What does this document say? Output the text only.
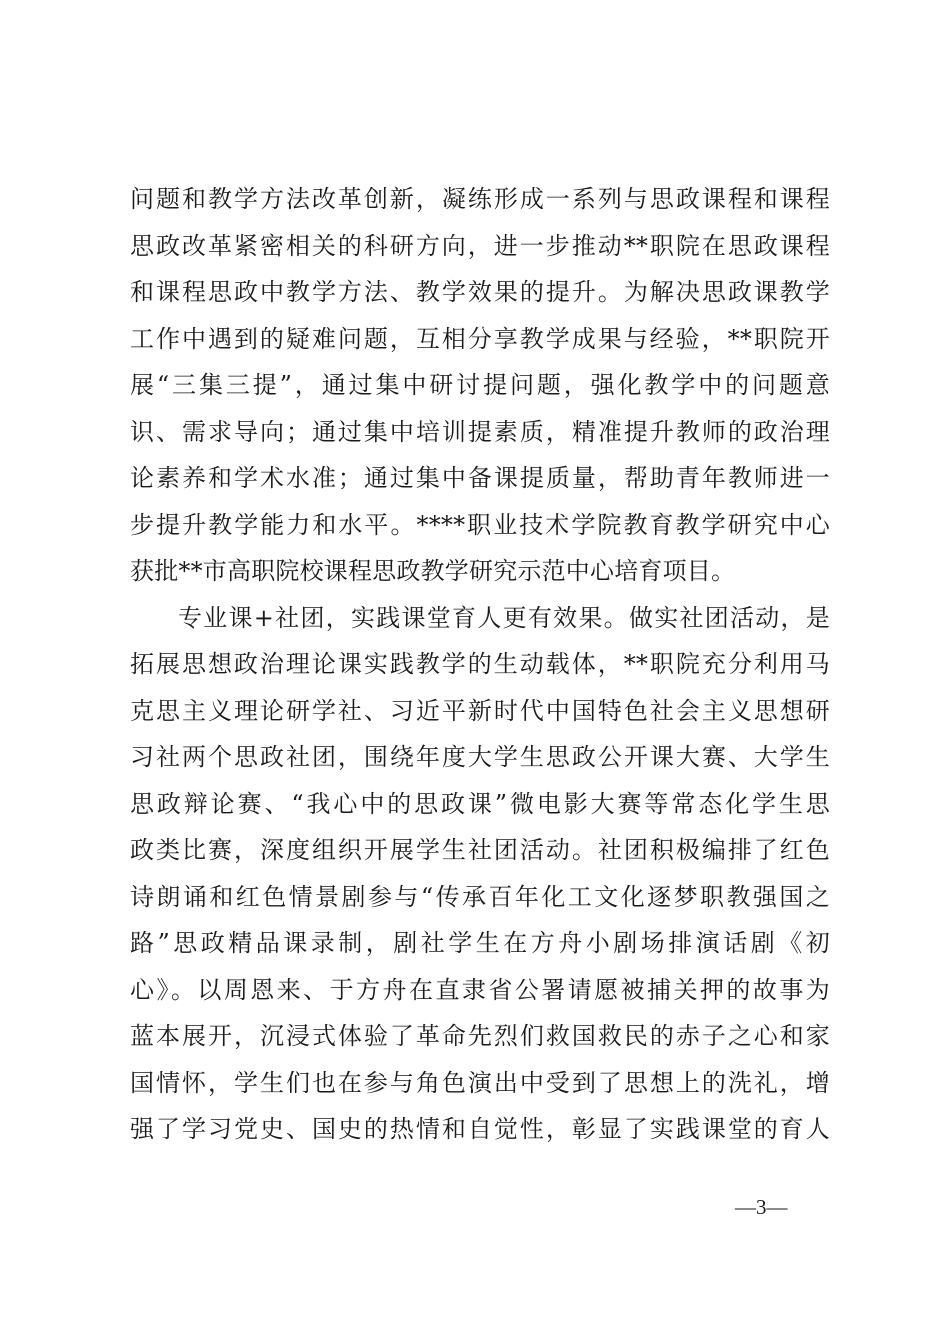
问题和教学方法改革创新，凝练形成一系列与思政课程和课程
思政改革紧密相关的科研方向，进一步推动**职院在思政课程
和课程思政中教学方法、教学效果的提升。为解决思政课教学
工作中遇到的疑难问题，互相分享教学成果与经验，**职院开
展“三集三提”，通过集中研讨提问题，强化教学中的问题意
识、需求导向；通过集中培训提素质，精准提升教师的政治理
论素养和学术水准；通过集中备课提质量，帮助青年教师进一
步提升教学能力和水平。****职业技术学院教育教学研究中心
获批**市高职院校课程思政教学研究示范中心培育项目。
专业课+社团，实践课堂育人更有效果。做实社团活动，是
拓展思想政治理论课实践教学的生动载体，**职院充分利用马
克思主义理论研学社、习近平新时代中国特色社会主义思想研
习社两个思政社团，围绕年度大学生思政公开课大赛、大学生
思政辩论赛、“我心中的思政课”微电影大赛等常态化学生思
政类比赛，深度组织开展学生社团活动。社团积极编排了红色
诗朗诵和红色情景剧参与“传承百年化工文化逐梦职教强国之
路”思政精品课录制，剧社学生在方舟小剧场排演话剧《初
心》。以周恩来、于方舟在直隶省公署请愿被捕关押的故事为
蓝本展开，沉浸式体验了革命先烈们救国救民的赤子之心和家
国情怀，学生们也在参与角色演出中受到了思想上的洗礼，增
强了学习党史、国史的热情和自觉性，彰显了实践课堂的育人
—3—
